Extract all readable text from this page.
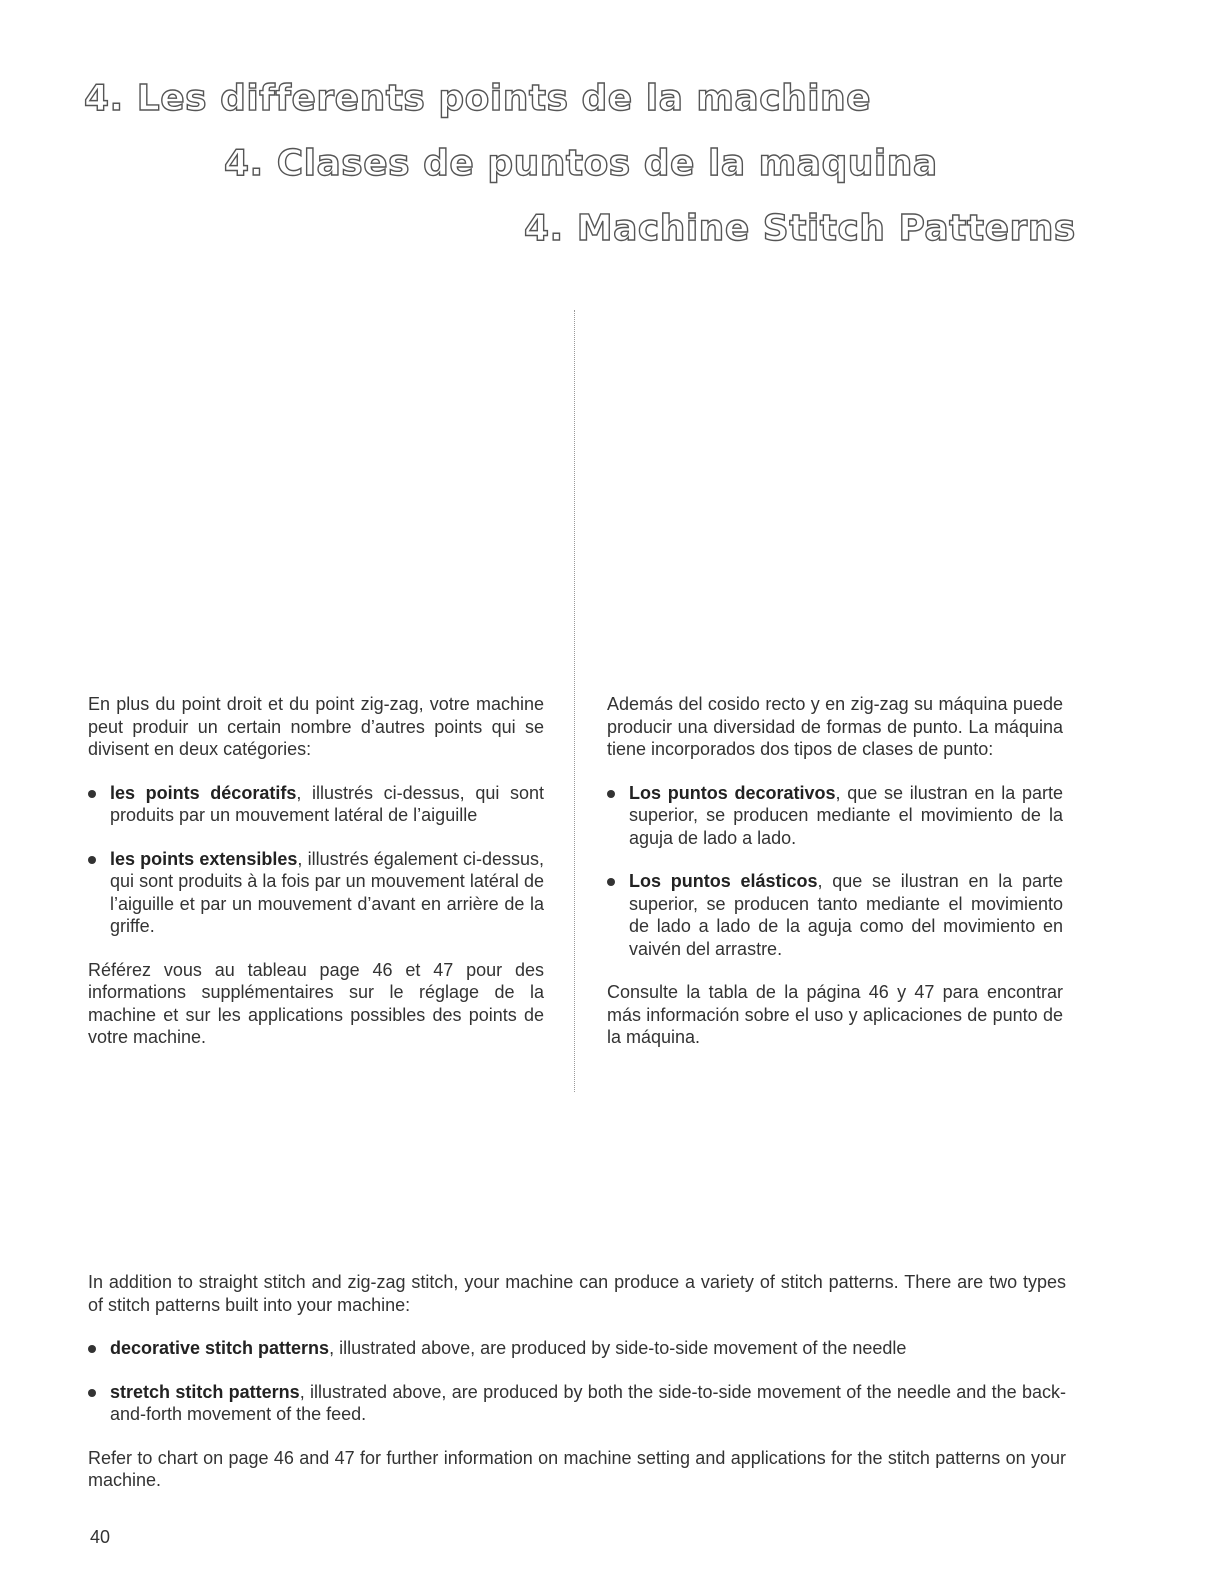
4. Les differents points de la machine
4. Clases de puntos de la maquina
4. Machine Stitch Patterns

En plus du point droit et du point zig-zag, votre machine peut produir un certain nombre d’autres points qui se divisent en deux catégories:

les points décoratifs, illustrés ci-dessus, qui sont produits par un mouvement latéral de l’aiguille
les points extensibles, illustrés également ci-dessus, qui sont produits à la fois par un mouvement latéral de l’aiguille et par un mouvement d’avant en arrière de la griffe.

Référez vous au tableau page 46 et 47 pour des informations supplémentaires sur le réglage de la machine et sur les applications possibles des points de votre machine.

Además del cosido recto y en zig-zag su máquina puede producir una diversidad de formas de punto. La máquina tiene incorporados dos tipos de clases de punto:

Los puntos decorativos, que se ilustran en la parte superior, se producen mediante el movimiento de la aguja de lado a lado.
Los puntos elásticos, que se ilustran en la parte superior, se producen tanto mediante el movimiento de lado a lado de la aguja como del movimiento en vaivén del arrastre.

Consulte la tabla de la página 46 y 47 para encontrar más información sobre el uso y aplicaciones de punto de la máquina.

In addition to straight stitch and zig-zag stitch, your machine can produce a variety of stitch patterns. There are two types of stitch patterns built into your machine:

decorative stitch patterns, illustrated above, are produced by side-to-side movement of the needle
stretch stitch patterns, illustrated above, are produced by both the side-to-side movement of the needle and the back-and-forth movement of the feed.

Refer to chart on page 46 and 47 for further information on machine setting and applications for the stitch patterns on your machine.

40
